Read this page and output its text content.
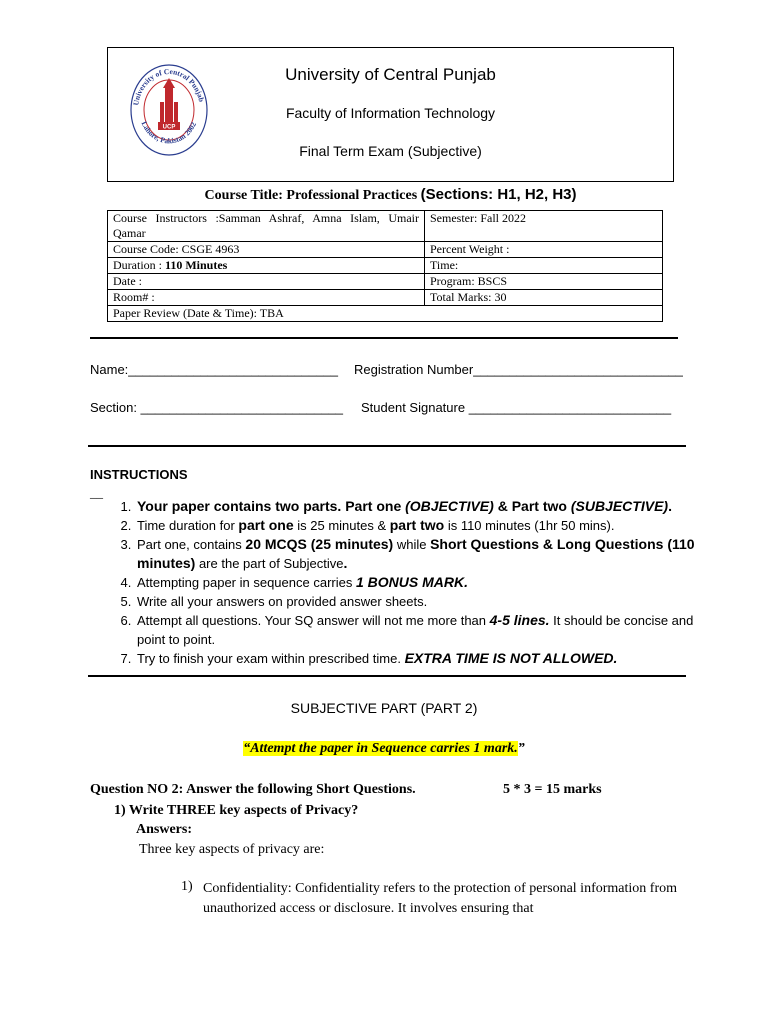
University of Central Punjab
Faculty of Information Technology
Final Term Exam (Subjective)
University of Central Punjab
Lahore, Pakistan 2002
UCP
Course Title: Professional Practices (Sections: H1, H2, H3)
Course Instructors :Samman Ashraf, Amna Islam, Umair Qamar	Semester: Fall 2022
Course Code: CSGE 4963	Percent Weight :
Duration : 110 Minutes	Time:
Date :	Program: BSCS
Room# :	Total Marks: 30
Paper Review (Date & Time): TBA	
Name:_____________________________ Registration Number_____________________________
Section: ____________________________ Student Signature ____________________________
INSTRUCTIONS
__
1. Your paper contains two parts. Part one (OBJECTIVE) & Part two (SUBJECTIVE).
2. Time duration for part one is 25 minutes & part two is 110 minutes (1hr 50 mins).
3. Part one, contains 20 MCQS (25 minutes) while Short Questions & Long Questions (110 minutes) are the part of Subjective.
4. Attempting paper in sequence carries 1 BONUS MARK.
5. Write all your answers on provided answer sheets.
6. Attempt all questions. Your SQ answer will not me more than 4-5 lines. It should be concise and point to point.
7. Try to finish your exam within prescribed time. EXTRA TIME IS NOT ALLOWED.
SUBJECTIVE PART (PART 2)
“Attempt the paper in Sequence carries 1 mark.”
Question NO 2: Answer the following Short Questions.	5 * 3 = 15 marks
1) Write THREE key aspects of Privacy?
Answers:
Three key aspects of privacy are:
1) Confidentiality: Confidentiality refers to the protection of personal information from unauthorized access or disclosure. It involves ensuring that
